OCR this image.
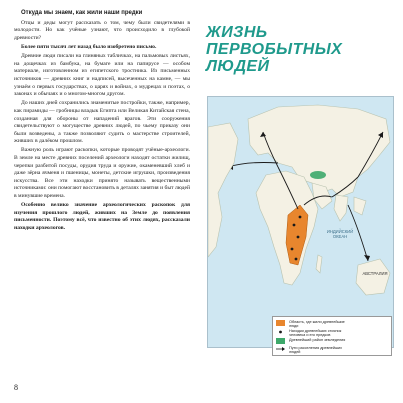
Откуда мы знаем, как жили наши предки

Отцы и деды могут рассказать о том, чему были свидетелями в молодости. Но как учёные узнают, что происходило в глубокой древности?

Более пяти тысяч лет назад было изобретено письмо.

Древние люди писали на глиняных табличках, на пальмовых листьях, на дощечках из бамбука, на бумаге или на папирусе — особом материале, изготовленном из египетского тростника. Из письменных источников — древних книг и надписей, высеченных на камне, — мы узнаём о первых государствах, о царях и войнах, о мудрецах и поэтах, о законах и обычаях и о многом-многом другом.

До наших дней сохранились знаменитые постройки, также, например, как пирамиды — гробницы владык Египта или Великая Китайская стена, созданная для обороны от нападений врагов. Эти сооружения свидетельствуют о могуществе древних людей, по чьему приказу они были возведены, а также позволяют судить о мастерстве строителей, живших в далёком прошлом.

Важную роль играют раскопки, которые проводят учёные-археологи. В земле на месте древних поселений археологи находят остатки жилищ, черепки разбитой посуды, орудия труда и оружие, окаменевший хлеб и даже зёрна ячменя и пшеницы, монеты, детские игрушки, произведения искусства. Все эти находки принято называть вещественными источниками: они помогают восстановить в деталях занятия и быт людей в минувшие времена.

Особенно велико значение археологических раскопок для изучения прошлого людей, живших на Земле до появления письменности. Поэтому всё, что известно об этих людях, рассказали находки археологов.

8
ЖИЗНЬ
ПЕРВОБЫТНЫХ ЛЮДЕЙ
ИНДИЙСКИЙ ОКЕАН
АВСТРАЛИЯ
Область, где жили древнейшие люди
Находки древнейших стоянок человека и его предков
Древнейший район земледелия
Пути расселения древнейших людей
